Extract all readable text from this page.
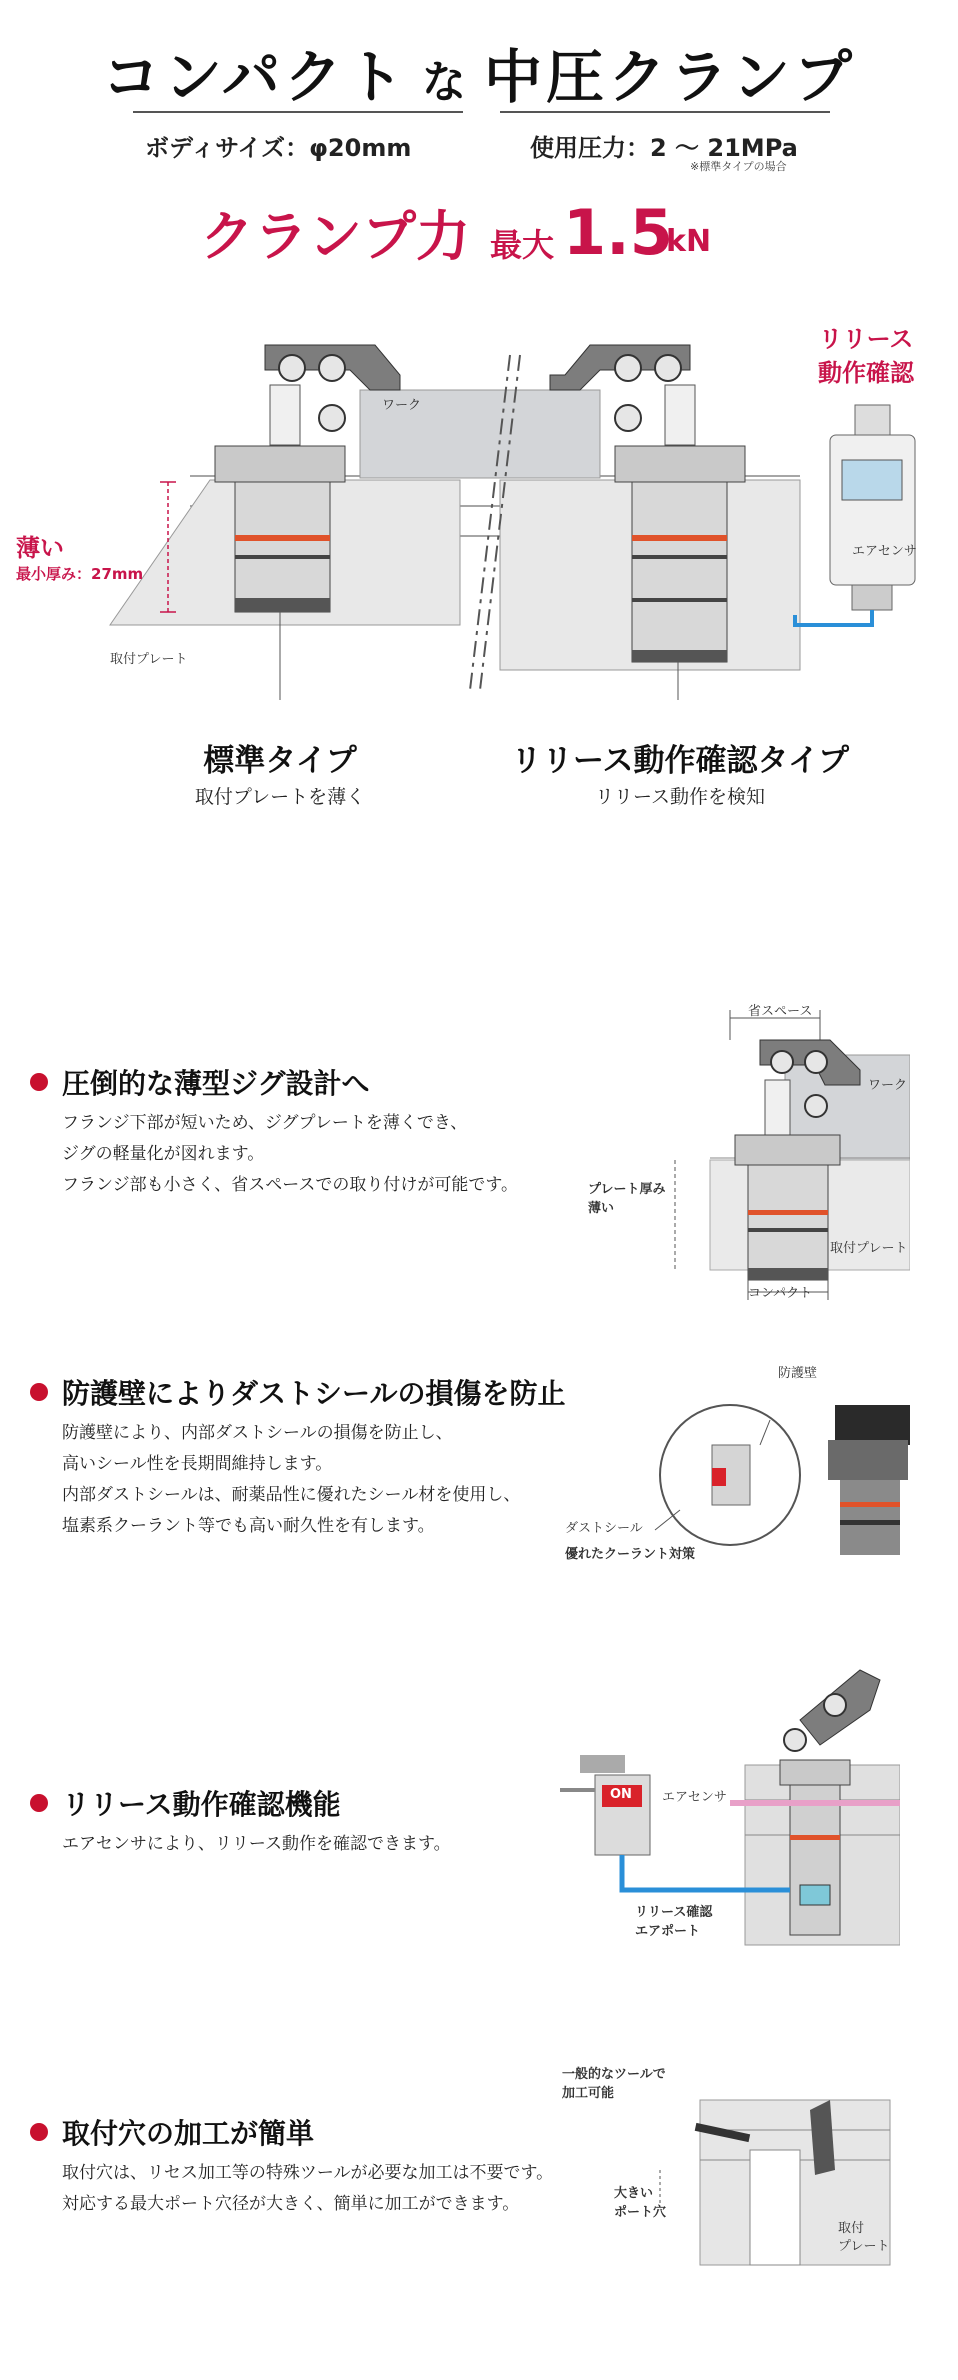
コンパクト な 中圧クランプ
ボディサイズ：φ20mm	使用圧力：2 〜 21MPa
※標準タイプの場合
クランプ力 最大 1.5
kN
ワーク
リリース
動作確認
エアセンサ
薄い
最小厚み：27mm
取付プレート
標準タイプ
取付プレートを薄く
リリース動作確認タイプ
リリース動作を検知
圧倒的な薄型ジグ設計へ
フランジ下部が短いため、ジグプレートを薄くでき、
ジグの軽量化が図れます。
フランジ部も小さく、省スペースでの取り付けが可能です。
省スペース
ワーク
プレート厚み
薄い
取付プレート
コンパクト
防護壁によりダストシールの損傷を防止
防護壁により、内部ダストシールの損傷を防止し、
高いシール性を長期間維持します。
内部ダストシールは、耐薬品性に優れたシール材を使用し、
塩素系クーラント等でも高い耐久性を有します。
防護壁
ダストシール
優れたクーラント対策
リリース動作確認機能
エアセンサにより、リリース動作を確認できます。
ON エアセンサ
リリース確認
エアポート
取付穴の加工が簡単
取付穴は、リセス加工等の特殊ツールが必要な加工は不要です。
対応する最大ポート穴径が大きく、簡単に加工ができます。
一般的なツールで
加工可能
大きい
ポート穴
取付
プレート
